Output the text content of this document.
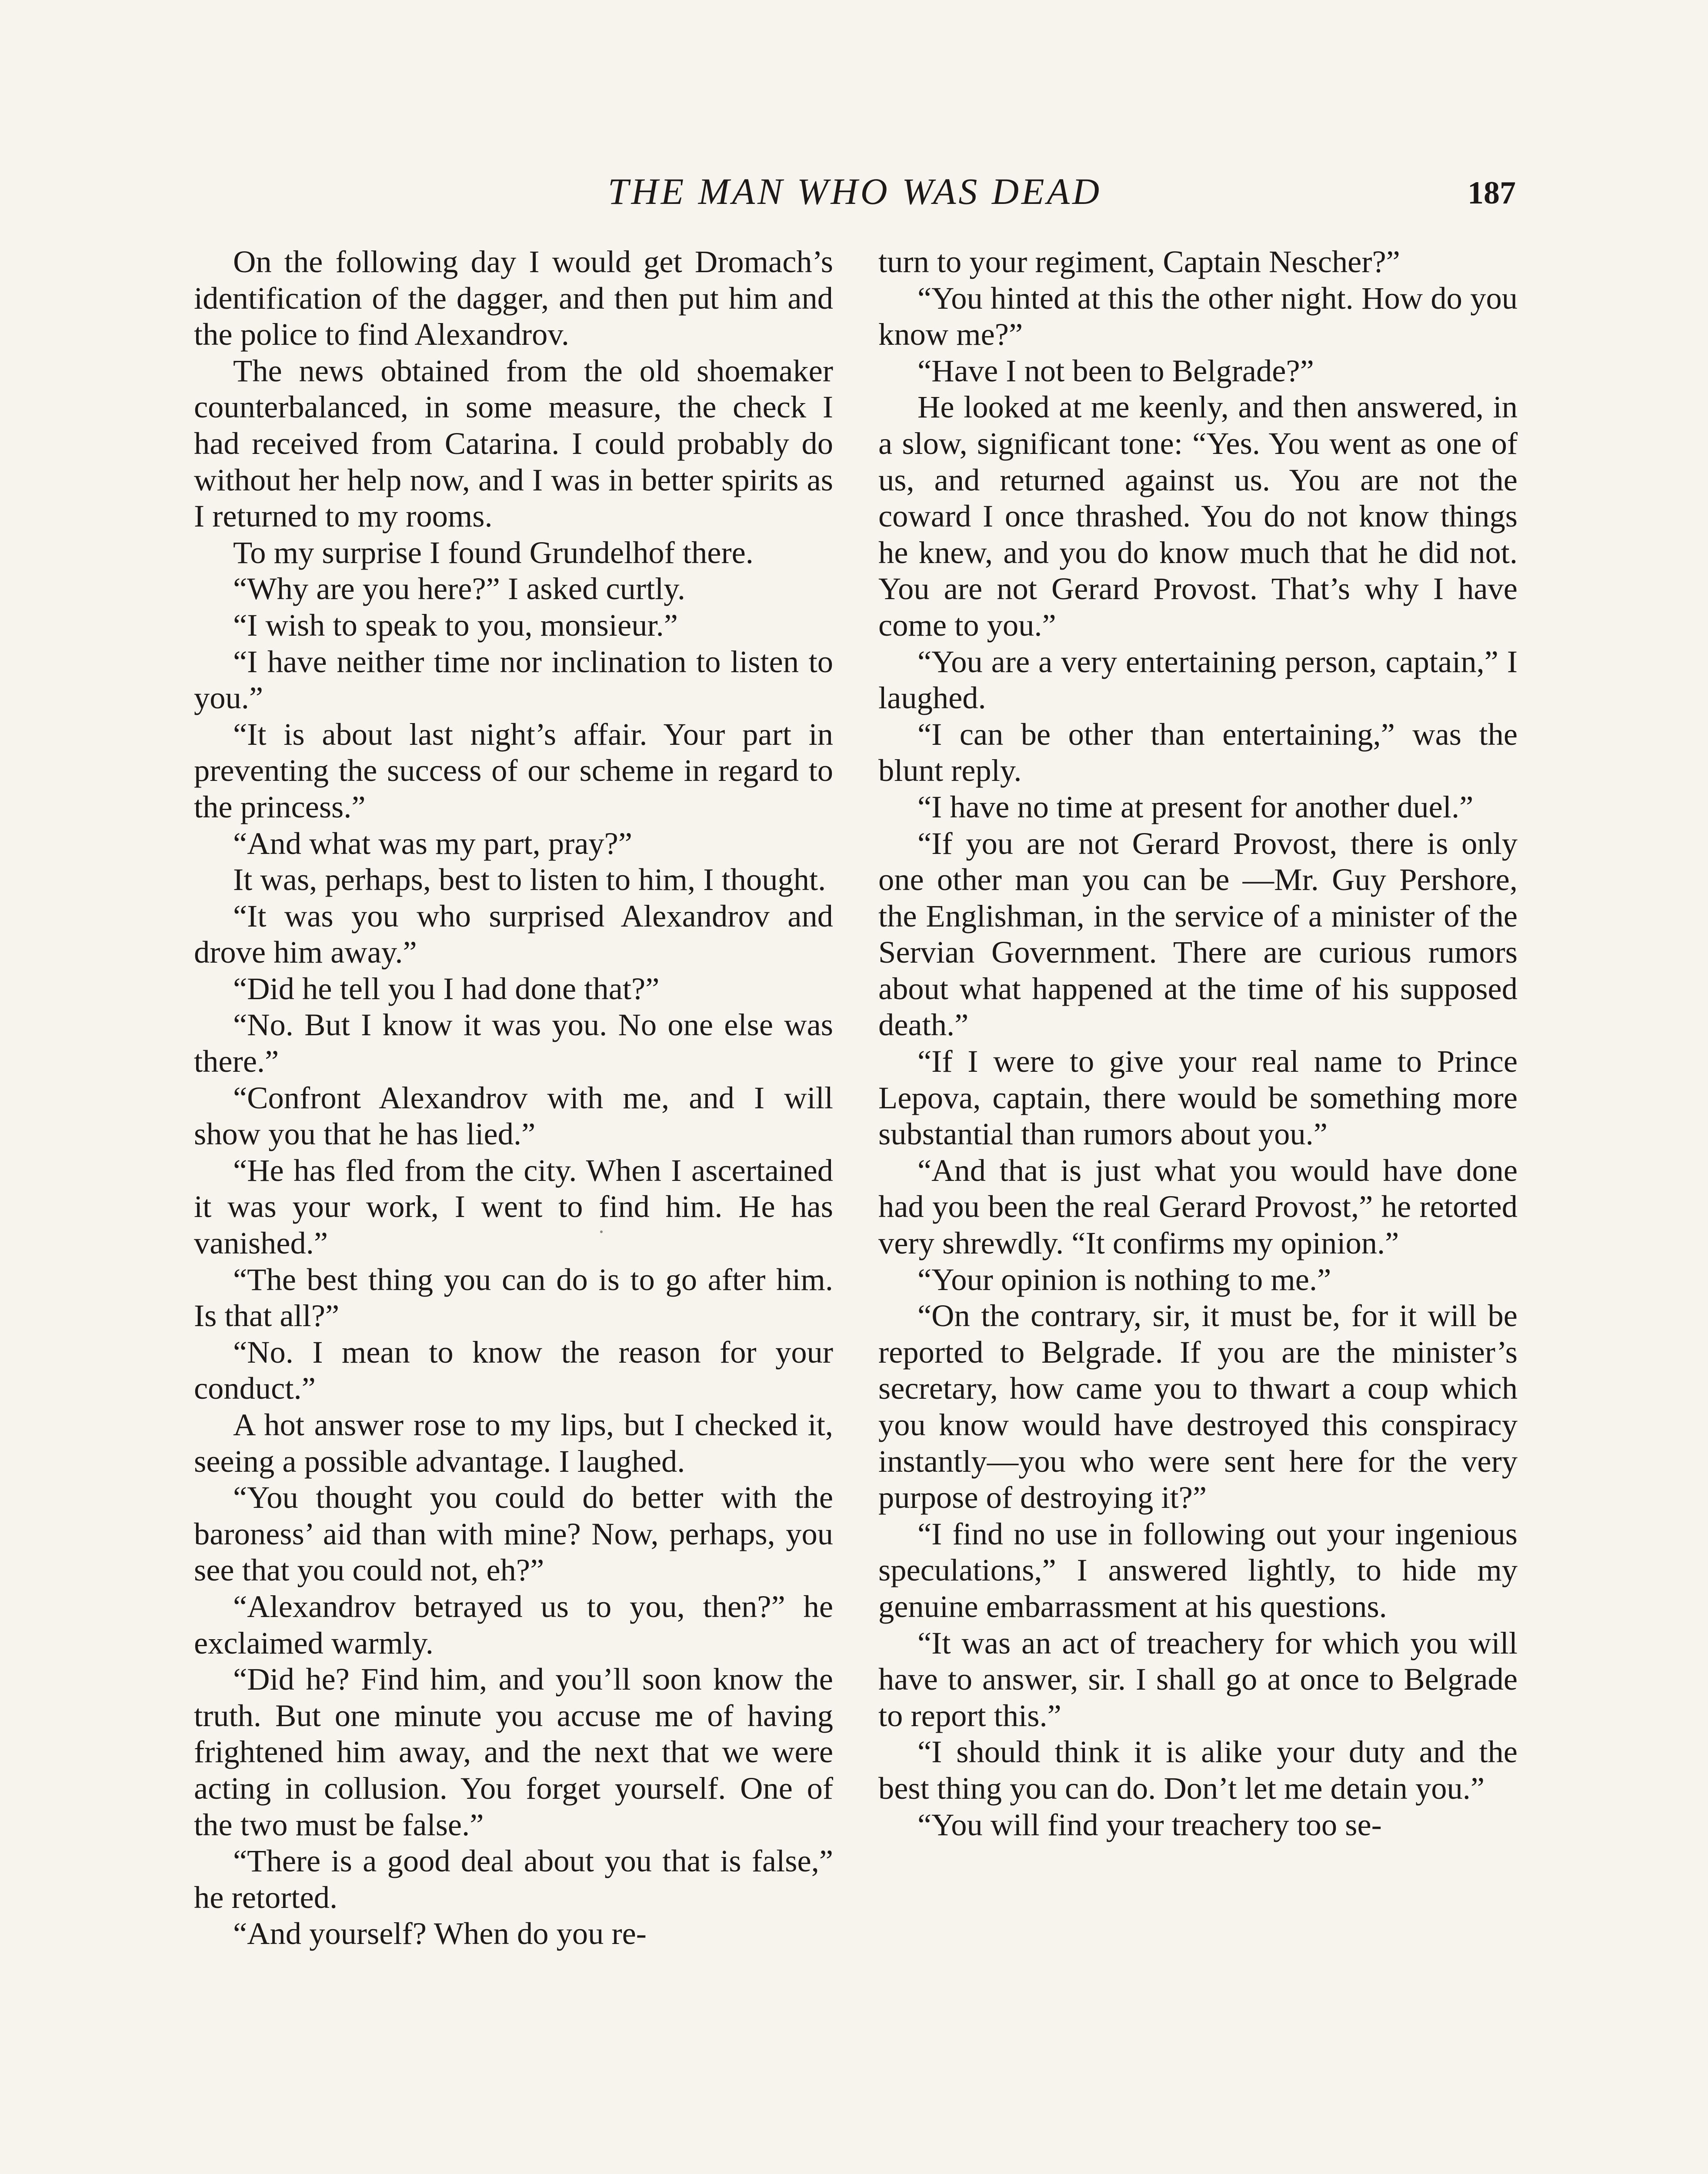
THE MAN WHO WAS DEAD	187

On the following day I would get Dromach’s identification of the dagger, and then put him and the police to find Alexandrov.

The news obtained from the old shoemaker counterbalanced, in some measure, the check I had received from Catarina. I could probably do without her help now, and I was in better spirits as I returned to my rooms.

To my surprise I found Grundelhof there.

“Why are you here?” I asked curtly.

“I wish to speak to you, monsieur.”

“I have neither time nor inclination to listen to you.”

“It is about last night’s affair. Your part in preventing the success of our scheme in regard to the princess.”

“And what was my part, pray?”

It was, perhaps, best to listen to him, I thought.

“It was you who surprised Alexandrov and drove him away.”

“Did he tell you I had done that?”

“No. But I know it was you. No one else was there.”

“Confront Alexandrov with me, and I will show you that he has lied.”

“He has fled from the city. When I ascertained it was your work, I went to find him. He has vanished.”

“The best thing you can do is to go after him. Is that all?”

“No. I mean to know the reason for your conduct.”

A hot answer rose to my lips, but I checked it, seeing a possible advantage. I laughed.

“You thought you could do better with the baroness’ aid than with mine? Now, perhaps, you see that you could not, eh?”

“Alexandrov betrayed us to you, then?” he exclaimed warmly.

“Did he? Find him, and you’ll soon know the truth. But one minute you accuse me of having frightened him away, and the next that we were acting in collusion. You forget yourself. One of the two must be false.”

“There is a good deal about you that is false,” he retorted.

“And yourself? When do you re-

turn to your regiment, Captain Nescher?”

“You hinted at this the other night. How do you know me?”

“Have I not been to Belgrade?”

He looked at me keenly, and then answered, in a slow, significant tone: “Yes. You went as one of us, and returned against us. You are not the coward I once thrashed. You do not know things he knew, and you do know much that he did not. You are not Gerard Provost. That’s why I have come to you.”

“You are a very entertaining person, captain,” I laughed.

“I can be other than entertaining,” was the blunt reply.

“I have no time at present for another duel.”

“If you are not Gerard Provost, there is only one other man you can be —Mr. Guy Pershore, the Englishman, in the service of a minister of the Servian Government. There are curious rumors about what happened at the time of his supposed death.”

“If I were to give your real name to Prince Lepova, captain, there would be something more substantial than rumors about you.”

“And that is just what you would have done had you been the real Gerard Provost,” he retorted very shrewdly. “It confirms my opinion.”

“Your opinion is nothing to me.”

“On the contrary, sir, it must be, for it will be reported to Belgrade. If you are the minister’s secretary, how came you to thwart a coup which you know would have destroyed this conspiracy instantly—you who were sent here for the very purpose of destroying it?”

“I find no use in following out your ingenious speculations,” I answered lightly, to hide my genuine embarrassment at his questions.

“It was an act of treachery for which you will have to answer, sir. I shall go at once to Belgrade to report this.”

“I should think it is alike your duty and the best thing you can do. Don’t let me detain you.”

“You will find your treachery too se-
